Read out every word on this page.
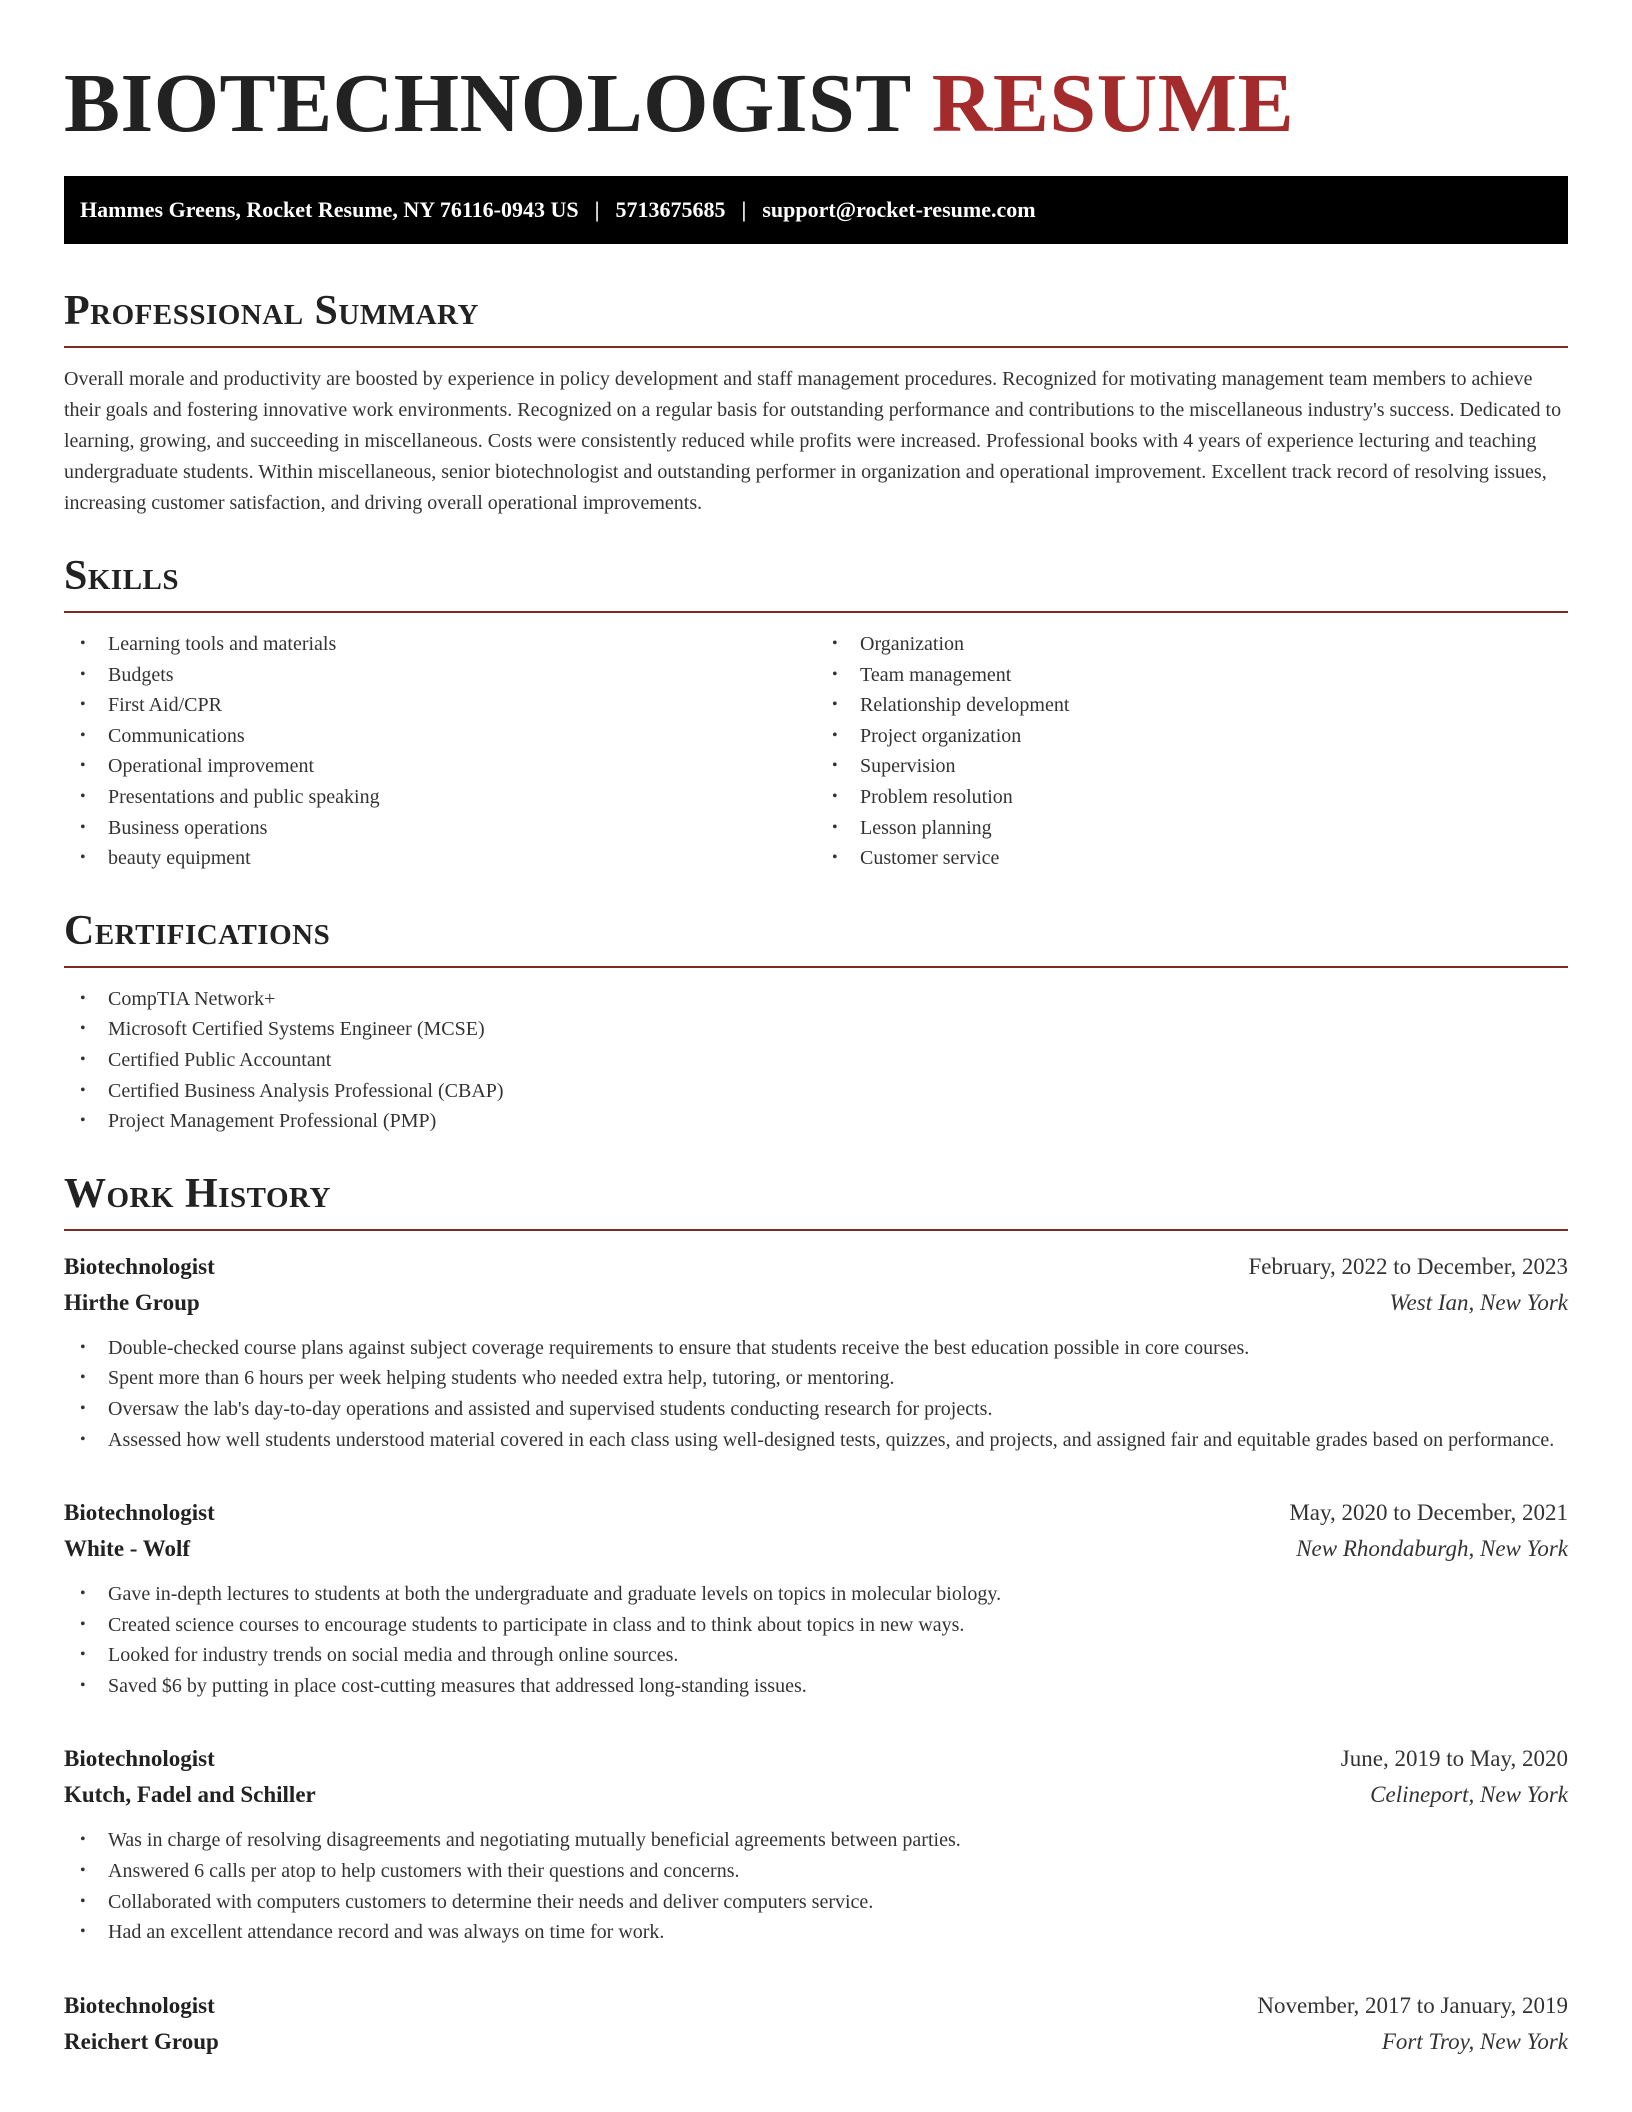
BIOTECHNOLOGIST RESUME
Hammes Greens, Rocket Resume, NY 76116-0943 US | 5713675685 | support@rocket-resume.com
Professional Summary

Overall morale and productivity are boosted by experience in policy development and staff management procedures. Recognized for motivating management team members to achieve their goals and fostering innovative work environments. Recognized on a regular basis for outstanding performance and contributions to the miscellaneous industry's success. Dedicated to learning, growing, and succeeding in miscellaneous. Costs were consistently reduced while profits were increased. Professional books with 4 years of experience lecturing and teaching undergraduate students. Within miscellaneous, senior biotechnologist and outstanding performer in organization and operational improvement. Excellent track record of resolving issues, increasing customer satisfaction, and driving overall operational improvements.

Skills
• Learning tools and materials
• Budgets
• First Aid/CPR
• Communications
• Operational improvement
• Presentations and public speaking
• Business operations
• beauty equipment
• Organization
• Team management
• Relationship development
• Project organization
• Supervision
• Problem resolution
• Lesson planning
• Customer service
Certifications
• CompTIA Network+
• Microsoft Certified Systems Engineer (MCSE)
• Certified Public Accountant
• Certified Business Analysis Professional (CBAP)
• Project Management Professional (PMP)
Work History
Biotechnologist	February, 2022 to December, 2023
Hirthe Group	West Ian, New York
• Double-checked course plans against subject coverage requirements to ensure that students receive the best education possible in core courses.
• Spent more than 6 hours per week helping students who needed extra help, tutoring, or mentoring.
• Oversaw the lab's day-to-day operations and assisted and supervised students conducting research for projects.
• Assessed how well students understood material covered in each class using well-designed tests, quizzes, and projects, and assigned fair and equitable grades based on performance.
Biotechnologist	May, 2020 to December, 2021
White - Wolf	New Rhondaburgh, New York
• Gave in-depth lectures to students at both the undergraduate and graduate levels on topics in molecular biology.
• Created science courses to encourage students to participate in class and to think about topics in new ways.
• Looked for industry trends on social media and through online sources.
• Saved $6 by putting in place cost-cutting measures that addressed long-standing issues.
Biotechnologist	June, 2019 to May, 2020
Kutch, Fadel and Schiller	Celineport, New York
• Was in charge of resolving disagreements and negotiating mutually beneficial agreements between parties.
• Answered 6 calls per atop to help customers with their questions and concerns.
• Collaborated with computers customers to determine their needs and deliver computers service.
• Had an excellent attendance record and was always on time for work.
Biotechnologist	November, 2017 to January, 2019
Reichert Group	Fort Troy, New York
